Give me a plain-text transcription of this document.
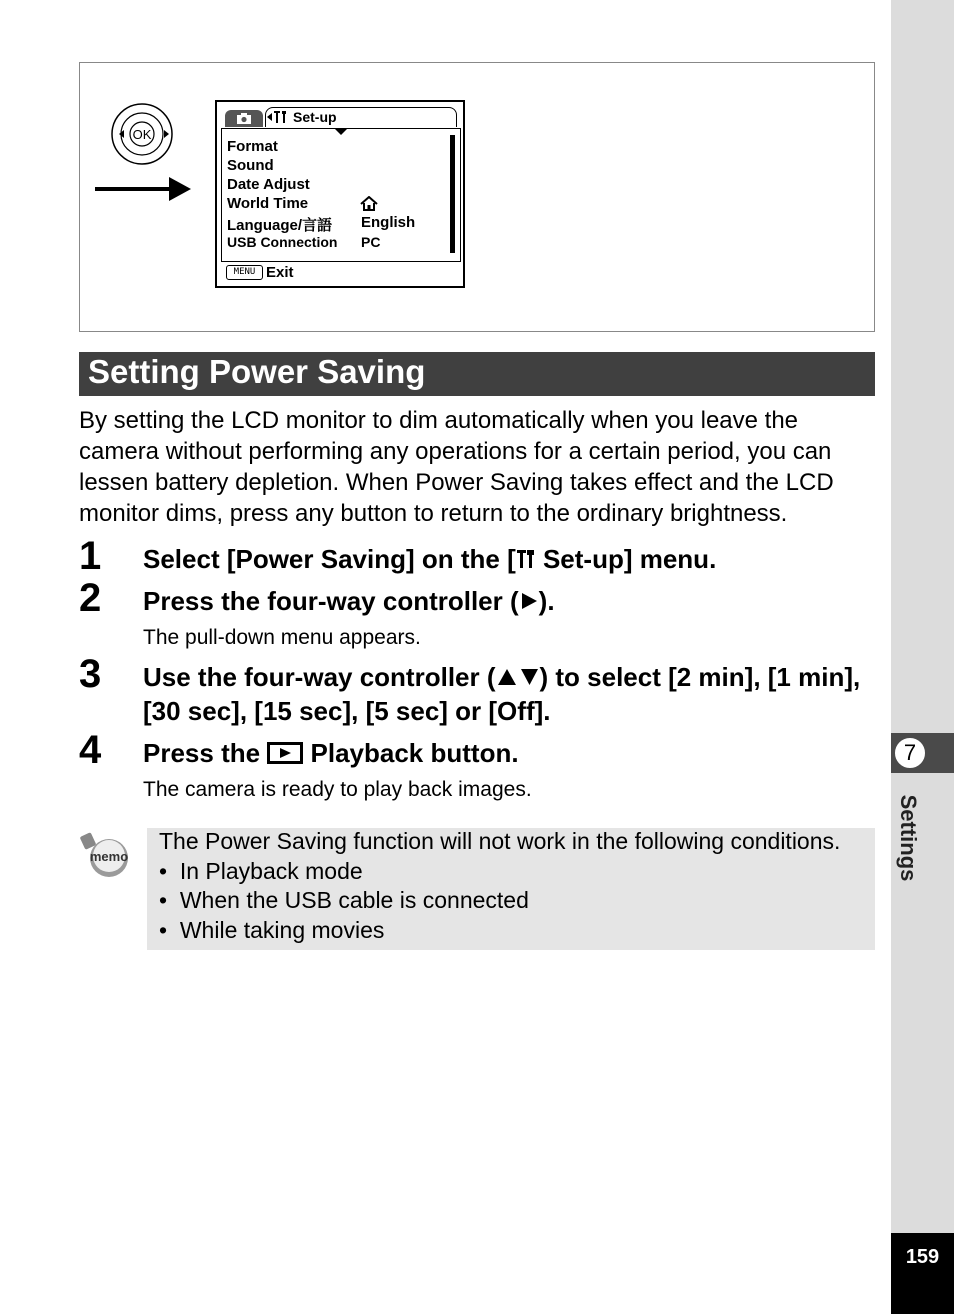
7
Settings
159
OK
Set-up
Format
Sound
Date Adjust
World Time
Language/言語
USB Connection
English
PC
MENU Exit
Setting Power Saving
By setting the LCD monitor to dim automatically when you leave the camera without performing any operations for a certain period, you can lessen battery depletion. When Power Saving takes effect and the LCD monitor dims, press any button to return to the ordinary brightness.
1 Select [Power Saving] on the [ Set-up] menu.
2 Press the four-way controller ( ).
The pull-down menu appears.
3 Use the four-way controller ( ) to select [2 min], [1 min], [30 sec], [15 sec], [5 sec] or [Off].
4 Press the  Playback button.
The camera is ready to play back images.
memo
The Power Saving function will not work in the following conditions.
•  In Playback mode
•  When the USB cable is connected
•  While taking movies
